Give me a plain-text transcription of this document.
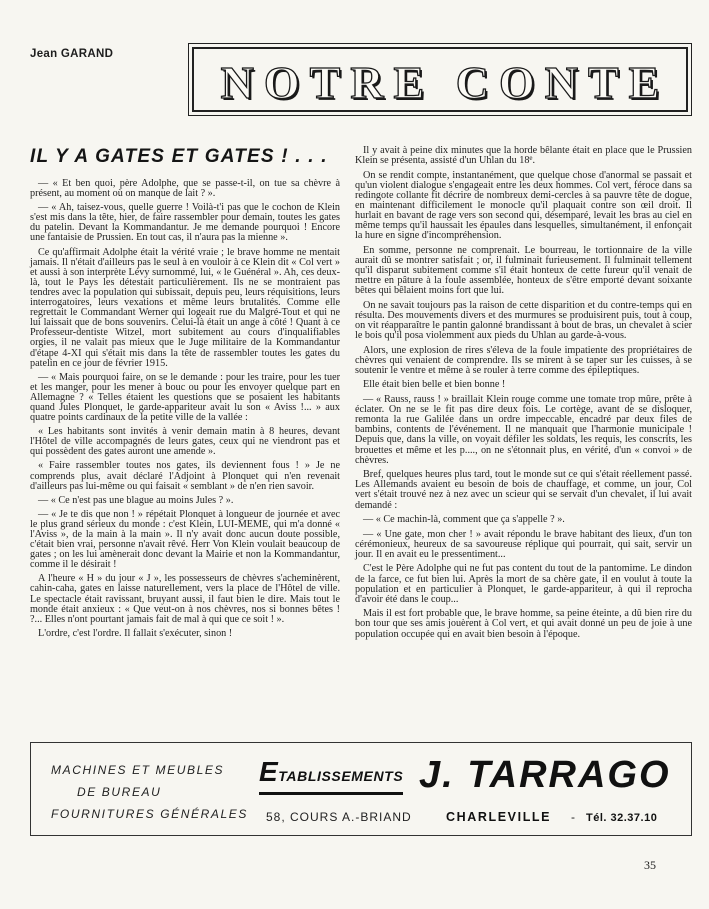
Jean GARAND
NOTRE CONTE
IL Y A GATES ET GATES ! . . .

— « Et ben quoi, père Adolphe, que se passe-t-il, on tue sa chèvre à présent, au moment où on manque de lait ? ».

— « Ah, taisez-vous, quelle guerre ! Voilà-t'i pas que le cochon de Klein s'est mis dans la tête, hier, de faire rassembler pour demain, toutes les gates du patelin. Devant la Kommandantur. Je me demande pourquoi ! Encore une fantaisie de Prussien. En tout cas, il n'aura pas la mienne ».

Ce qu'affirmait Adolphe était la vérité vraie ; le brave homme ne mentait jamais. Il n'était d'ailleurs pas le seul à en vouloir à ce Klein dit « Col vert » et aussi à son interprète Lévy surnommé, lui, « le Guénéral ». Ah, ces deux-là, tout le Pays les détestait particulièrement. Ils ne se montraient pas tendres avec la population qui subissait, depuis peu, leurs réquisitions, leurs interrogatoires, leurs vexations et même leurs brutalités. Comme elle regrettait le Commandant Werner qui logeait rue du Malgré-Tout et qui ne lui laissait que de bons souvenirs. Celui-là était un ange à côté ! Quant à ce Professeur-dentiste Witzel, mort subitement au cours d'inqualifiables orgies, il ne valait pas mieux que le Juge militaire de la Kommandantur d'étape 4-XI qui s'était mis dans la tête de rassembler toutes les gates du patelin en ce jour de février 1915.

— « Mais pourquoi faire, on se le demande : pour les traire, pour les tuer et les manger, pour les mener à bouc ou pour les envoyer quelque part en Allemagne ? « Telles étaient les questions que se posaient les habitants quand Jules Plonquet, le garde-appariteur avait lu son « Aviss !... » aux quatre points cardinaux de la petite ville de la vallée :

« Les habitants sont invités à venir demain matin à 8 heures, devant l'Hôtel de ville accompagnés de leurs gates, ceux qui ne viendront pas et qui possèdent des gates auront une amende ».

« Faire rassembler toutes nos gates, ils deviennent fous ! » Je ne comprends plus, avait déclaré l'Adjoint à Plonquet qui n'en revenait d'ailleurs pas lui-même ou qui faisait « semblant » de n'en rien savoir.

— « Ce n'est pas une blague au moins Jules ? ».

— « Je te dis que non ! » répétait Plonquet à longueur de journée et avec le plus grand sérieux du monde : c'est Klein, LUI-MEME, qui m'a donné « l'Aviss », de la main à la main ». Il n'y avait donc aucun doute possible, c'était bien vrai, personne n'avait rêvé. Herr Von Klein voulait beaucoup de gates ; on les lui amènerait donc devant la Mairie et non la Kommandantur, comme il le désirait !

A l'heure « H » du jour « J », les possesseurs de chèvres s'acheminèrent, cahin-caha, gates en laisse naturellement, vers la place de l'Hôtel de ville. Le spectacle était ravissant, bruyant aussi, il faut bien le dire. Mais tout le monde était anxieux : « Que veut-on à nos chèvres, nos si bonnes bêtes ! ?... Elles n'ont pourtant jamais fait de mal à qui que ce soit ! ».

L'ordre, c'est l'ordre. Il fallait s'exécuter, sinon !

Il y avait à peine dix minutes que la horde bêlante était en place que le Prussien Klein se présenta, assisté d'un Uhlan du 18e.

On se rendit compte, instantanément, que quelque chose d'anormal se passait et qu'un violent dialogue s'engageait entre les deux hommes. Col vert, féroce dans sa redingote collante fit décrire de nombreux demi-cercles à sa pauvre tête de dogue, en maintenant difficilement le monocle qu'il plaquait contre son œil droit. Il hurlait en bavant de rage vers son second qui, désemparé, levait les bras au ciel en même temps qu'il haussait les épaules dans lesquelles, simultanément, il enfonçait la hure en signe d'incompréhension.

En somme, personne ne comprenait. Le bourreau, le tortionnaire de la ville aurait dû se montrer satisfait ; or, il fulminait furieusement. Il fulminait tellement qu'il disparut subitement comme s'il était honteux de cette fureur qu'il venait de mettre en pâture à la foule assemblée, honteux de s'être emporté devant soixante bêtes qui bêlaient moins fort que lui.

On ne savait toujours pas la raison de cette disparition et du contre-temps qui en résulta. Des mouvements divers et des murmures se produisirent puis, tout à coup, on vit réapparaître le pantin galonné brandissant à bout de bras, un chevalet à scier le bois qu'il posa violemment aux pieds du Uhlan au garde-à-vous.

Alors, une explosion de rires s'éleva de la foule impatiente des propriétaires de chèvres qui venaient de comprendre. Ils se mirent à se taper sur les cuisses, à se soutenir le ventre et même à se rouler à terre comme des épileptiques.

Elle était bien belle et bien bonne !

— « Rauss, rauss ! » braillait Klein rouge comme une tomate trop mûre, prête à éclater. On ne se le fit pas dire deux fois. Le cortège, avant de se disloquer, remonta la rue Galilée dans un ordre impeccable, encadré par deux files de bambins, contents de l'événement. Il ne manquait que l'harmonie municipale ! Depuis que, dans la ville, on voyait défiler les soldats, les requis, les conscrits, les brouettes et même et les p...., on ne s'étonnait plus, en vérité, d'un « convoi » de chèvres.

Bref, quelques heures plus tard, tout le monde sut ce qui s'était réellement passé. Les Allemands avaient eu besoin de bois de chauffage, et comme, un jour, Col vert s'était trouvé nez à nez avec un scieur qui se servait d'un chevalet, il lui avait demandé :

— « Ce machin-là, comment que ça s'appelle ? ».

— « Une gate, mon cher ! » avait répondu le brave habitant des lieux, d'un ton cérémonieux, heureux de sa savoureuse réplique qui pourrait, qui sait, servir un jour. Il en avait eu le pressentiment...

C'est le Père Adolphe qui ne fut pas content du tout de la pantomime. Le dindon de la farce, ce fut bien lui. Après la mort de sa chère gate, il en voulut à toute la population et en particulier à Plonquet, le garde-appariteur, à qui il reprocha d'avoir été dans le coup...

Mais il est fort probable que, le brave homme, sa peine éteinte, a dû bien rire du bon tour que ses amis jouèrent à Col vert, et qui avait donné un peu de joie à une population occupée qui en avait bien besoin à l'époque.

MACHINES ET MEUBLES
DE BUREAU
FOURNITURES GÉNÉRALES
ETABLISSEMENTS J. TARRAGO
58, COURS A.-BRIAND	CHARLEVILLE - Tél. 32.37.10
35
